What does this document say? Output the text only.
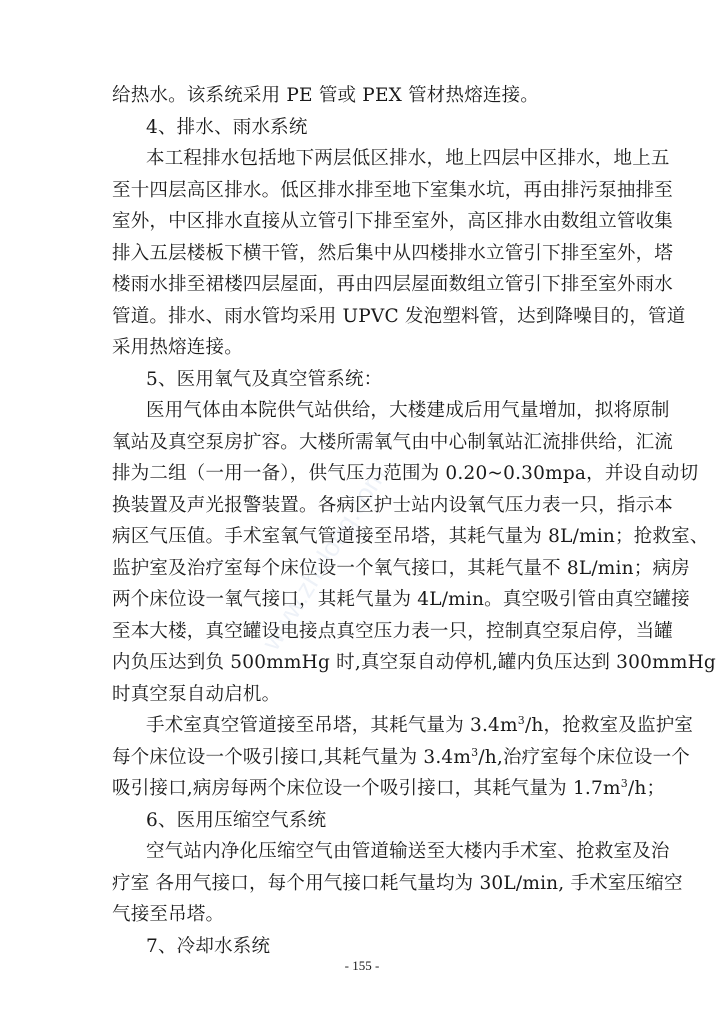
www.zhulong.com
给热水。该系统采用 PE 管或 PEX 管材热熔连接。
4、排水、雨水系统
本工程排水包括地下两层低区排水，地上四层中区排水，地上五
至十四层高区排水。低区排水排至地下室集水坑，再由排污泵抽排至
室外，中区排水直接从立管引下排至室外，高区排水由数组立管收集
排入五层楼板下横干管，然后集中从四楼排水立管引下排至室外，塔
楼雨水排至裙楼四层屋面，再由四层屋面数组立管引下排至室外雨水
管道。排水、雨水管均采用 UPVC 发泡塑料管，达到降噪目的，管道
采用热熔连接。
5、医用氧气及真空管系统：
医用气体由本院供气站供给，大楼建成后用气量增加，拟将原制
氧站及真空泵房扩容。大楼所需氧气由中心制氧站汇流排供给，汇流
排为二组（一用一备），供气压力范围为 0.20~0.30mpa，并设自动切
换装置及声光报警装置。各病区护士站内设氧气压力表一只，指示本
病区气压值。手术室氧气管道接至吊塔，其耗气量为 8L/min；抢救室、
监护室及治疗室每个床位设一个氧气接口，其耗气量不 8L/min；病房
两个床位设一氧气接口，其耗气量为 4L/min。真空吸引管由真空罐接
至本大楼，真空罐设电接点真空压力表一只，控制真空泵启停，当罐
内负压达到负 500mmHg 时,真空泵自动停机,罐内负压达到 300mmHg
时真空泵自动启机。
手术室真空管道接至吊塔，其耗气量为 $3.4m^3/h$，抢救室及监护室
每个床位设一个吸引接口,其耗气量为 $3.4m^3/h$,治疗室每个床位设一个
吸引接口,病房每两个床位设一个吸引接口，其耗气量为 $1.7m^3/h$；
6、医用压缩空气系统
空气站内净化压缩空气由管道输送至大楼内手术室、抢救室及治
疗室 各用气接口，每个用气接口耗气量均为 30L/min, 手术室压缩空
气接至吊塔。
- 155 -
7、冷却水系统
